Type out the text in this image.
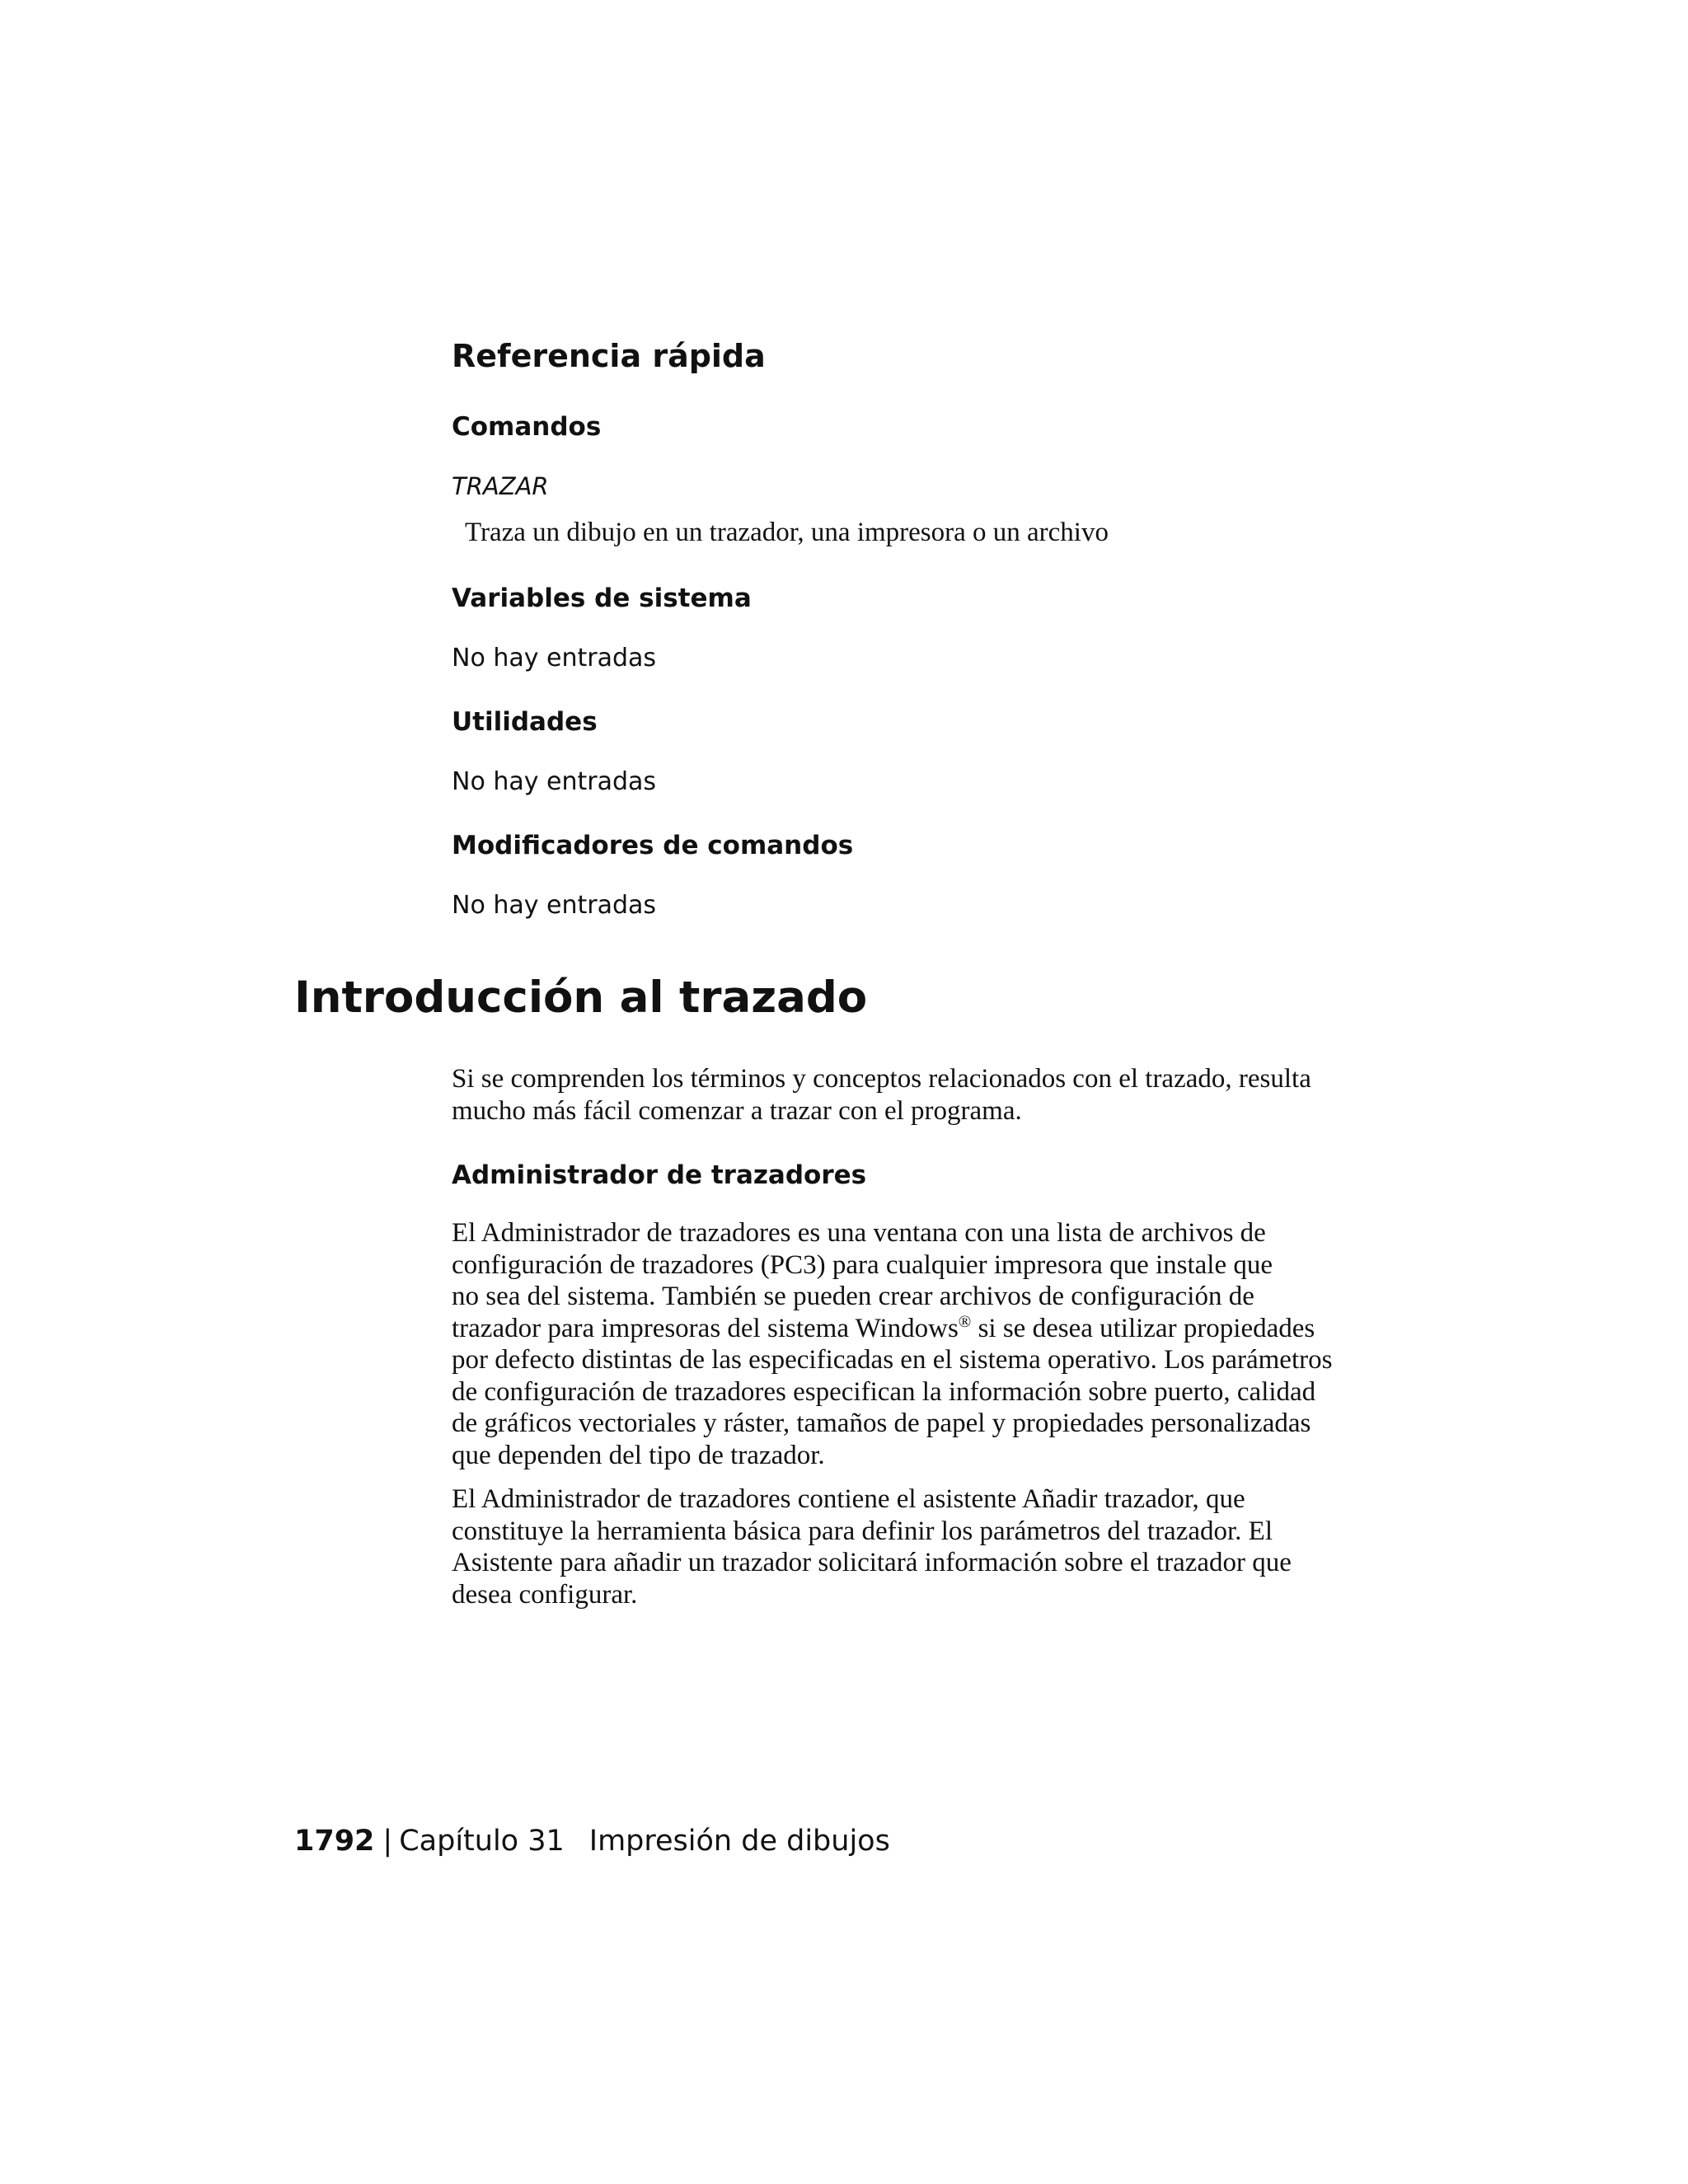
Referencia rápida
Comandos

TRAZAR

Traza un dibujo en un trazador, una impresora o un archivo

Variables de sistema

No hay entradas

Utilidades

No hay entradas

Modificadores de comandos

No hay entradas

Introducción al trazado

Si se comprenden los términos y conceptos relacionados con el trazado, resulta
mucho más fácil comenzar a trazar con el programa.

Administrador de trazadores

El Administrador de trazadores es una ventana con una lista de archivos de
configuración de trazadores (PC3) para cualquier impresora que instale que
no sea del sistema. También se pueden crear archivos de configuración de
trazador para impresoras del sistema Windows® si se desea utilizar propiedades
por defecto distintas de las especificadas en el sistema operativo. Los parámetros
de configuración de trazadores especifican la información sobre puerto, calidad
de gráficos vectoriales y ráster, tamaños de papel y propiedades personalizadas
que dependen del tipo de trazador.

El Administrador de trazadores contiene el asistente Añadir trazador, que
constituye la herramienta básica para definir los parámetros del trazador. El
Asistente para añadir un trazador solicitará información sobre el trazador que
desea configurar.

1792 | Capítulo 31 Impresión de dibujos
